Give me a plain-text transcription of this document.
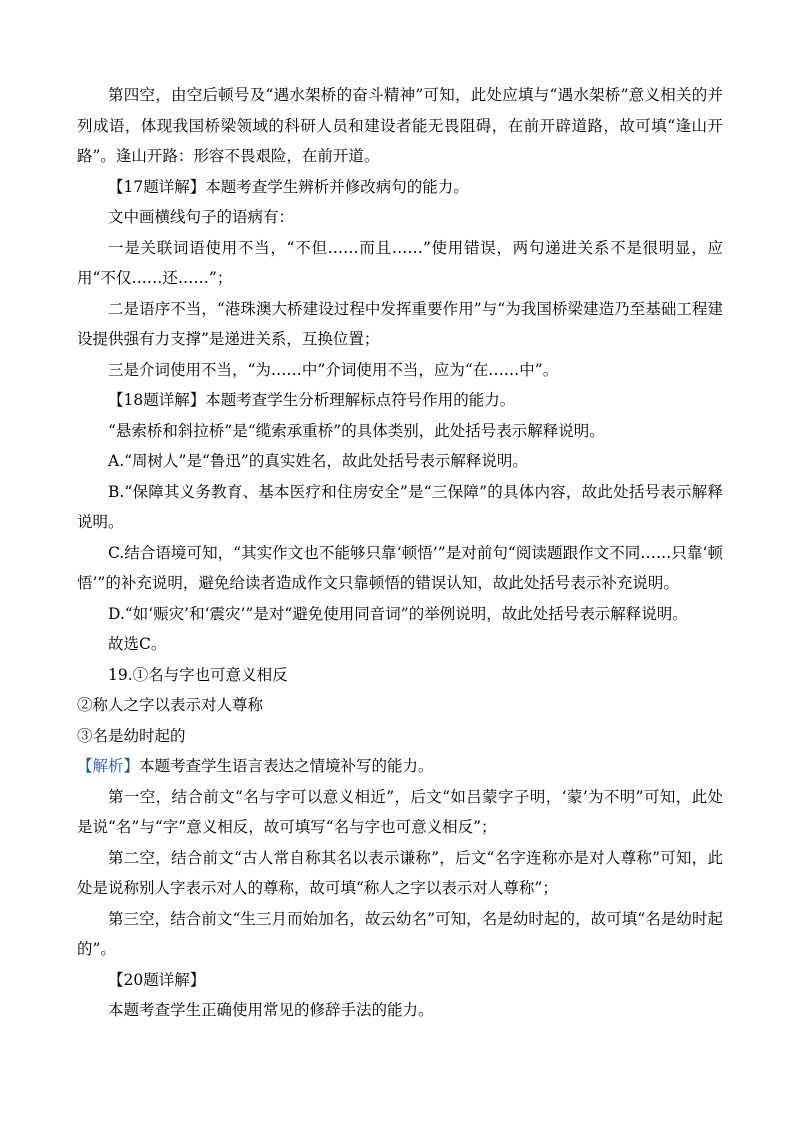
第四空，由空后顿号及“遇水架桥的奋斗精神”可知，此处应填与“遇水架桥”意义相关的并列成语，体现我国桥梁领域的科研人员和建设者能无畏阻碍，在前开辟道路，故可填“逢山开路”。逢山开路：形容不畏艰险，在前开道。

【17题详解】本题考查学生辨析并修改病句的能力。

文中画横线句子的语病有：

一是关联词语使用不当，“不但……而且……”使用错误，两句递进关系不是很明显，应用“不仅……还……”；

二是语序不当，“港珠澳大桥建设过程中发挥重要作用”与“为我国桥梁建造乃至基础工程建设提供强有力支撑”是递进关系，互换位置；

三是介词使用不当，“为……中”介词使用不当，应为“在……中”。

【18题详解】本题考查学生分析理解标点符号作用的能力。

“悬索桥和斜拉桥”是“缆索承重桥”的具体类别，此处括号表示解释说明。

A.“周树人”是“鲁迅”的真实姓名，故此处括号表示解释说明。

B.“保障其义务教育、基本医疗和住房安全”是“三保障”的具体内容，故此处括号表示解释说明。

C.结合语境可知，“其实作文也不能够只靠‘顿悟’”是对前句“阅读题跟作文不同……只靠‘顿悟’”的补充说明，避免给读者造成作文只靠顿悟的错误认知，故此处括号表示补充说明。

D.“如‘赈灾’和‘震灾’”是对“避免使用同音词”的举例说明，故此处括号表示解释说明。

故选C。

19.①名与字也可意义相反

②称人之字以表示对人尊称

③名是幼时起的

【解析】本题考查学生语言表达之情境补写的能力。

第一空，结合前文“名与字可以意义相近”，后文“如吕蒙字子明，‘蒙’为不明”可知，此处是说“名”与“字”意义相反，故可填写“名与字也可意义相反”；

第二空，结合前文“古人常自称其名以表示谦称”，后文“名字连称亦是对人尊称”可知，此处是说称别人字表示对人的尊称，故可填“称人之字以表示对人尊称”；

第三空，结合前文“生三月而始加名，故云幼名”可知，名是幼时起的，故可填“名是幼时起的”。

【20题详解】

本题考查学生正确使用常见的修辞手法的能力。
